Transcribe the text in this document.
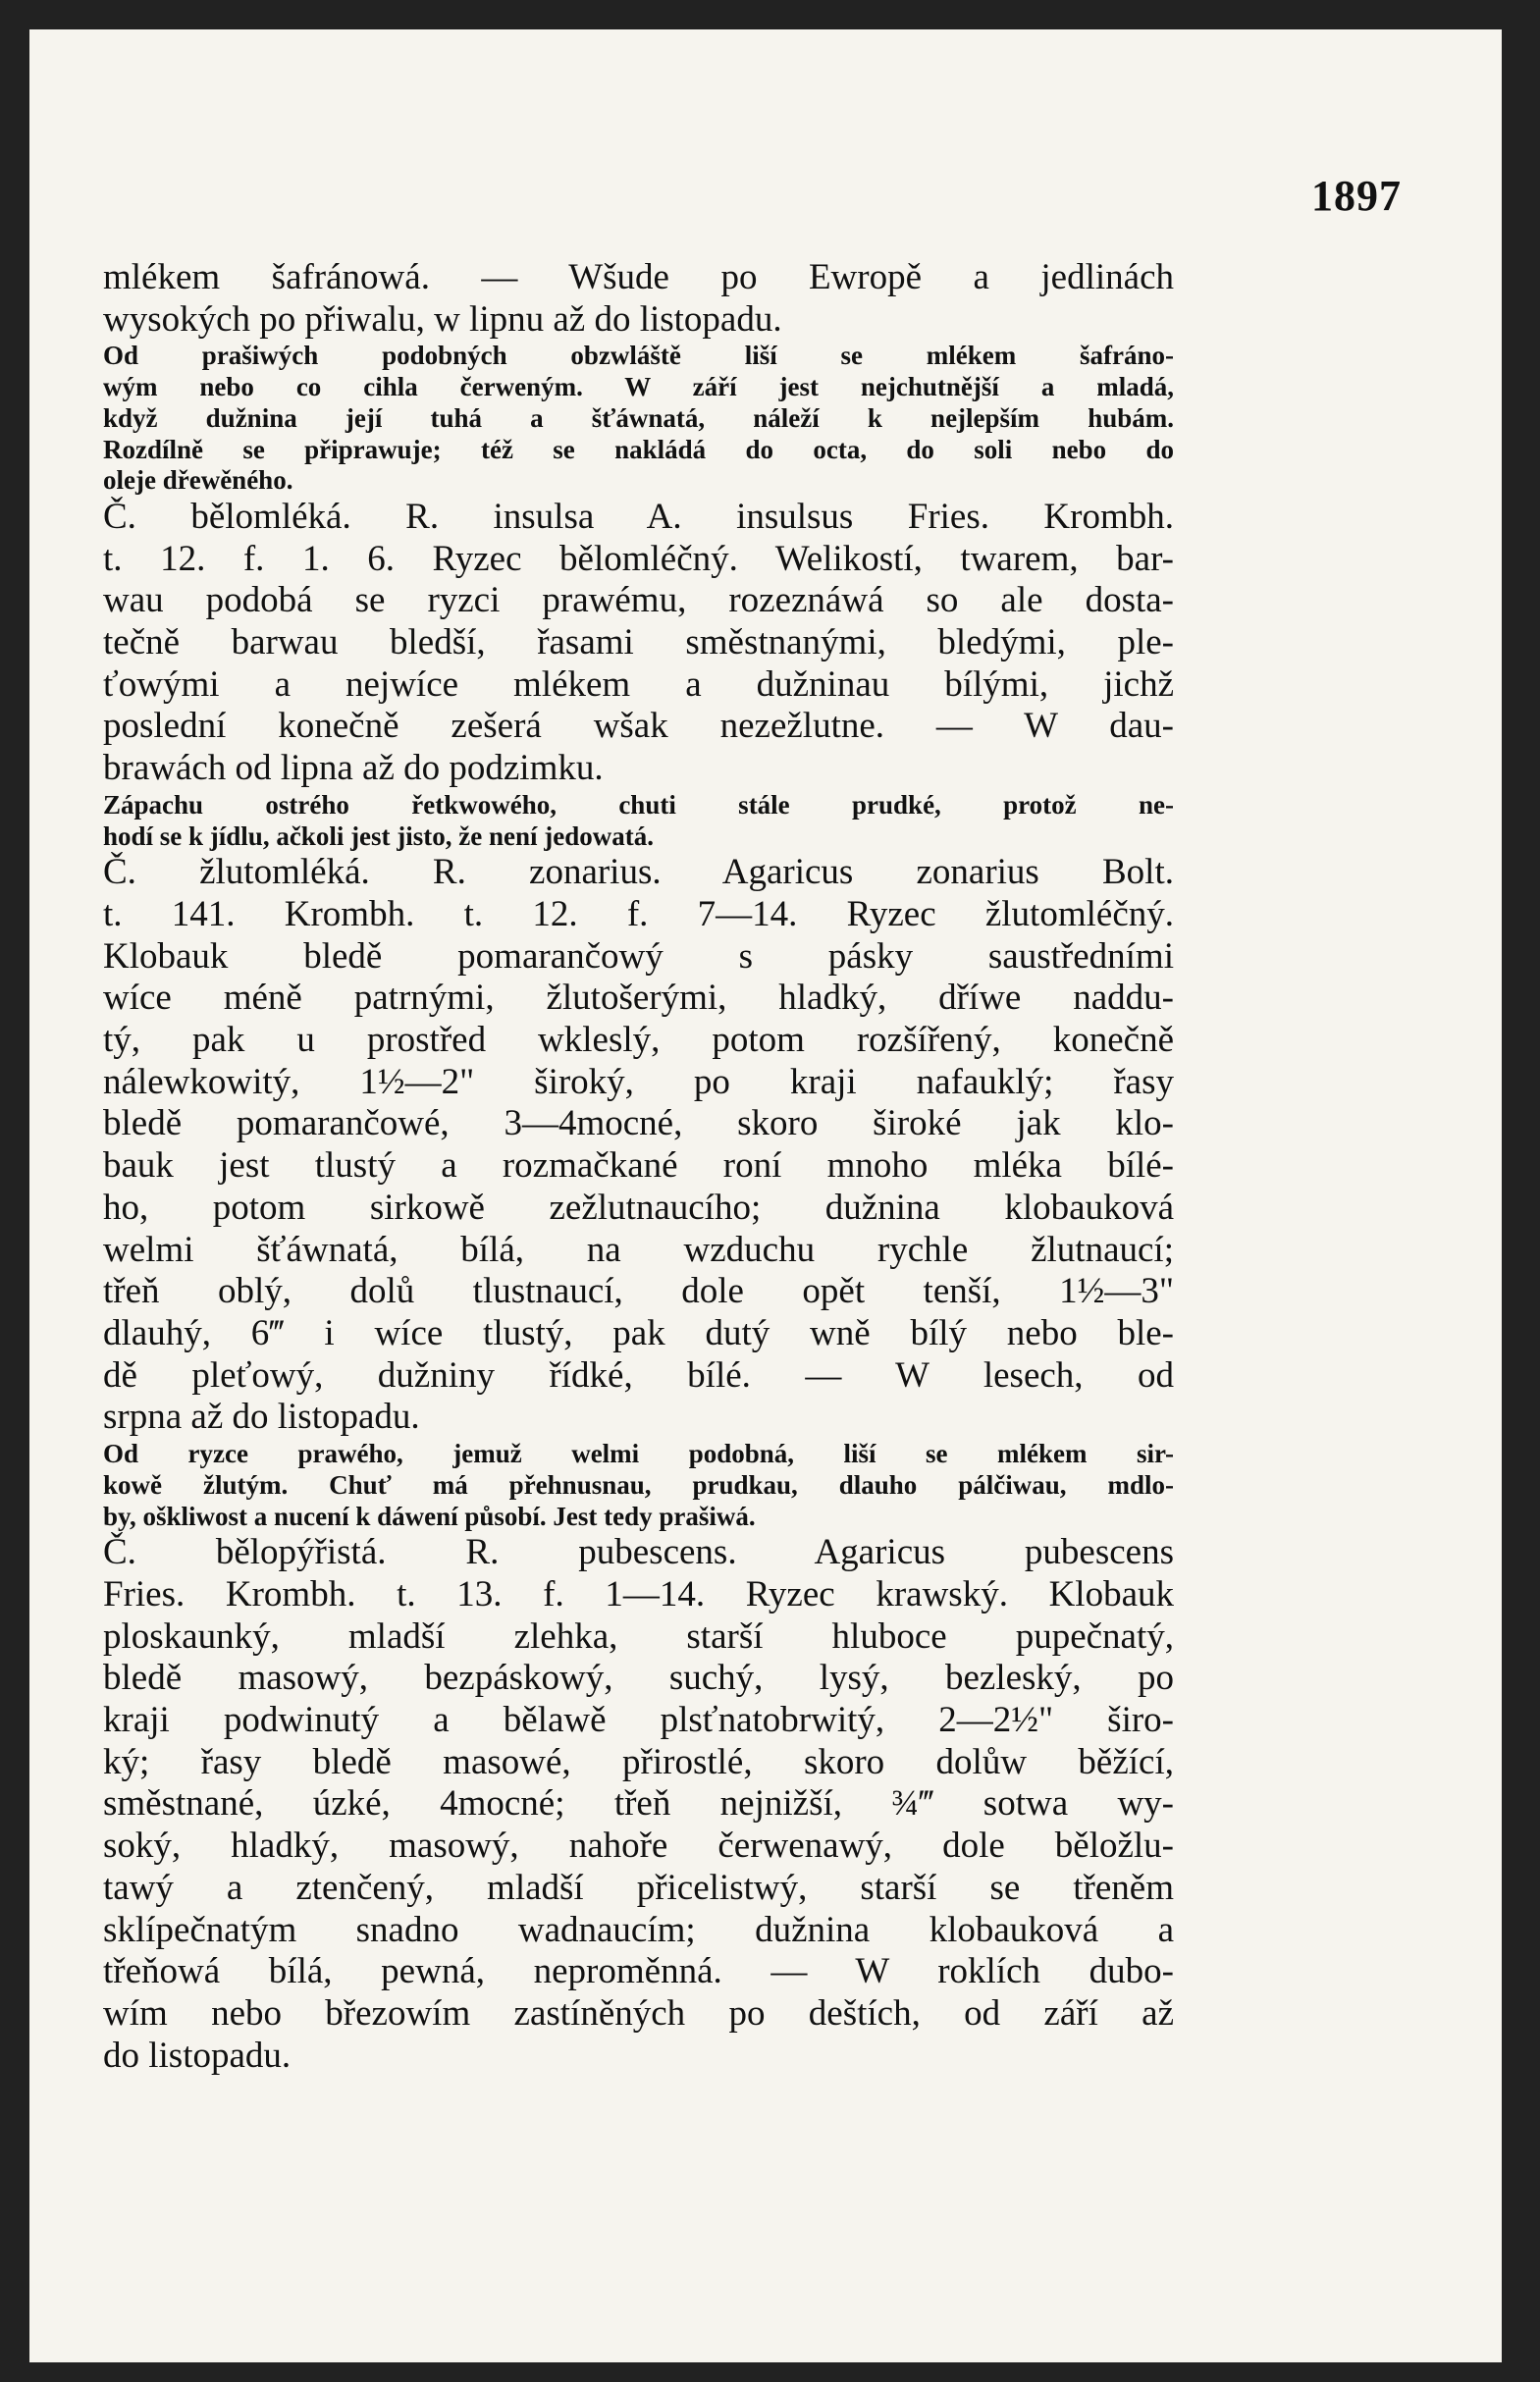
1897
mlékem šafránowá. — Wšude po Ewropě a jedlinách
wysokých po přiwalu, w lipnu až do listopadu.
Od prašiwých podobných obzwláště liší se mlékem šafráno-
wým nebo co cihla čerweným. W září jest nejchutnější a mladá,
když dužnina její tuhá a šťáwnatá, náleží k nejlepším hubám.
Rozdílně se připrawuje; též se nakládá do octa, do soli nebo do
oleje dřewěného.
Č. bělomléká. R. insulsa A. insulsus Fries. Krombh.
t. 12. f. 1. 6. Ryzec bělomléčný. Welikostí, twarem, bar-
wau podobá se ryzci prawému, rozeznáwá so ale dosta-
tečně barwau bledší, řasami směstnanými, bledými, ple-
ťowými a nejwíce mlékem a dužninau bílými, jichž
poslední konečně zešerá wšak nezežlutne. — W dau-
brawách od lipna až do podzimku.
Zápachu ostrého řetkwowého, chuti stále prudké, protož ne-
hodí se k jídlu, ačkoli jest jisto, že není jedowatá.
Č. žlutomléká. R. zonarius. Agaricus zonarius Bolt.
t. 141. Krombh. t. 12. f. 7—14. Ryzec žlutomléčný.
Klobauk bledě pomarančowý s pásky saustředními
wíce méně patrnými, žlutošerými, hladký, dříwe naddu-
tý, pak u prostřed wkleslý, potom rozšířený, konečně
nálewkowitý, 1½—2" široký, po kraji nafauklý; řasy
bledě pomarančowé, 3—4mocné, skoro široké jak klo-
bauk jest tlustý a rozmačkané roní mnoho mléka bílé-
ho, potom sirkowě zežlutnaucího; dužnina klobauková
welmi šťáwnatá, bílá, na wzduchu rychle žlutnaucí;
třeň oblý, dolů tlustnaucí, dole opět tenší, 1½—3"
dlauhý, 6‴ i wíce tlustý, pak dutý wně bílý nebo ble-
dě pleťowý, dužniny řídké, bílé. — W lesech, od
srpna až do listopadu.
Od ryzce prawého, jemuž welmi podobná, liší se mlékem sir-
kowě žlutým. Chuť má přehnusnau, prudkau, dlauho pálčiwau, mdlo-
by, oškliwost a nucení k dáwení působí. Jest tedy prašiwá.
Č. bělopýřistá. R. pubescens. Agaricus pubescens
Fries. Krombh. t. 13. f. 1—14. Ryzec krawský. Klobauk
ploskaunký, mladší zlehka, starší hluboce pupečnatý,
bledě masowý, bezpáskowý, suchý, lysý, bezleský, po
kraji podwinutý a bělawě plsťnatobrwitý, 2—2½" širo-
ký; řasy bledě masowé, přirostlé, skoro dolůw běžící,
směstnané, úzké, 4mocné; třeň nejnižší, ¾‴ sotwa wy-
soký, hladký, masowý, nahoře čerwenawý, dole běložlu-
tawý a ztenčený, mladší přicelistwý, starší se třeněm
sklípečnatým snadno wadnaucím; dužnina klobauková a
třeňowá bílá, pewná, neproměnná. — W roklích dubo-
wím nebo březowím zastíněných po deštích, od září až
do listopadu.
